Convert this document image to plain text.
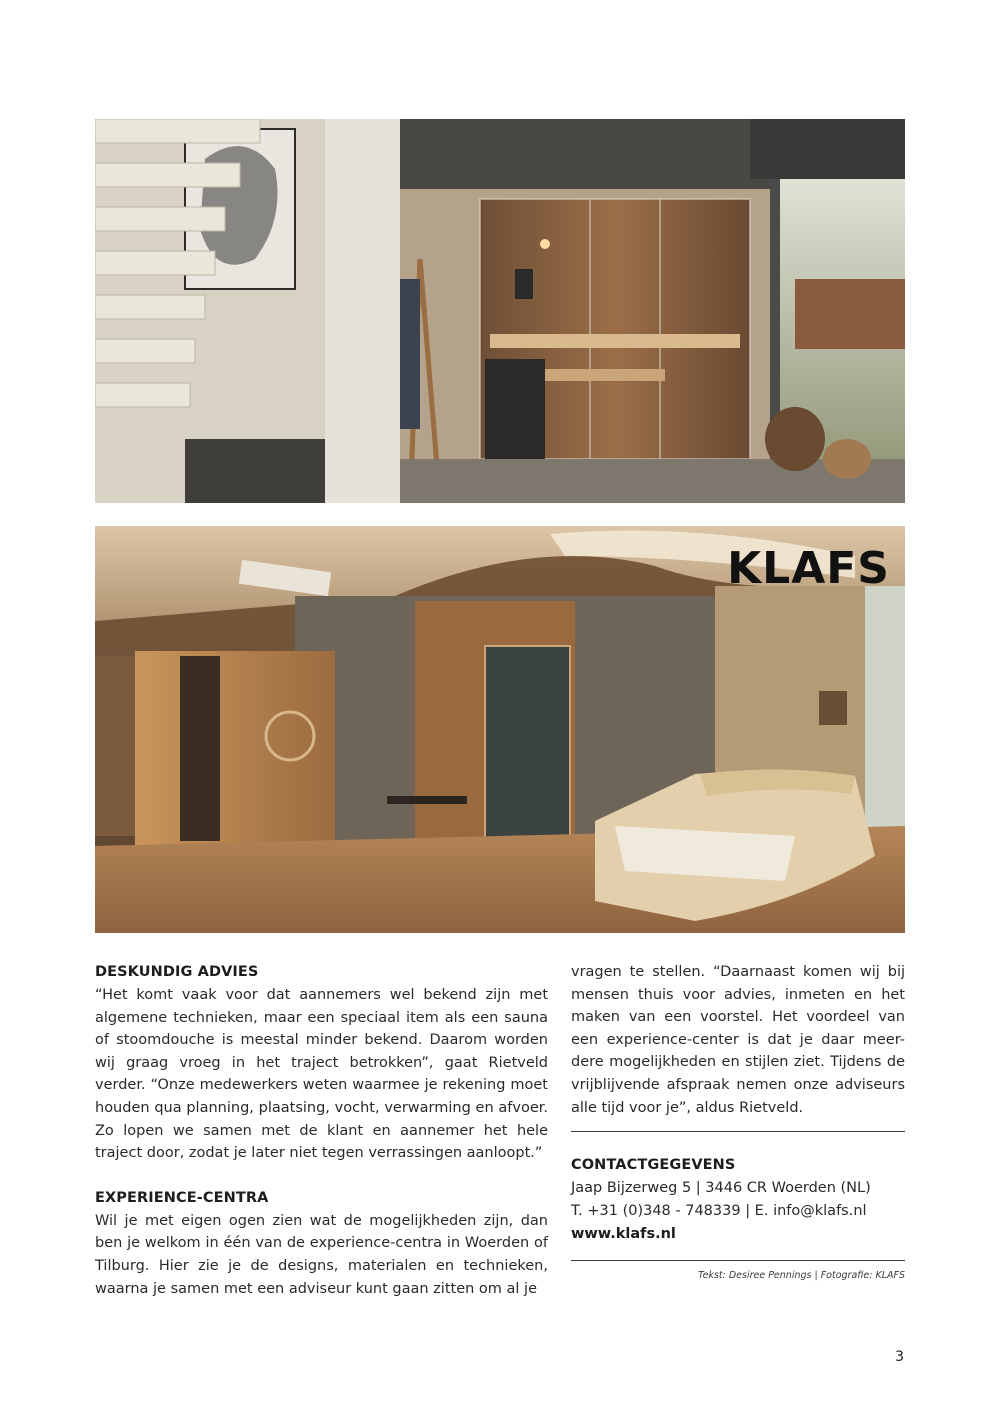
KLAFS
DESKUNDIG ADVIES

“Het komt vaak voor dat aannemers wel bekend zijn met algemene technieken, maar een speciaal item als een sauna of stoomdouche is meestal minder bekend. Daarom worden wij graag vroeg in het traject betrokken”, gaat Rietveld verder. “Onze medewerkers weten waarmee je rekening moet houden qua planning, plaatsing, vocht, verwarming en afvoer. Zo lopen we samen met de klant en aannemer het hele traject door, zodat je later niet tegen verrassingen aanloopt.”

EXPERIENCE-CENTRA

Wil je met eigen ogen zien wat de mogelijkheden zijn, dan ben je welkom in één van de experience-centra in Woerden of Tilburg. Hier zie je de designs, materialen en technieken, waarna je samen met een adviseur kunt gaan zitten om al je

vragen te stellen. “Daarnaast komen wij bij mensen thuis voor advies, inmeten en het maken van een voorstel. Het voordeel van een experience-center is dat je daar meer-dere mogelijkheden en stijlen ziet. Tijdens de vrijblijvende afspraak nemen onze adviseurs alle tijd voor je”, aldus Rietveld.

CONTACTGEGEVENS

Jaap Bijzerweg 5 | 3446 CR Woerden (NL)

T. +31 (0)348 - 748339 | E. info@klafs.nl

www.klafs.nl

Tekst: Desiree Pennings | Fotografie: KLAFS

3
